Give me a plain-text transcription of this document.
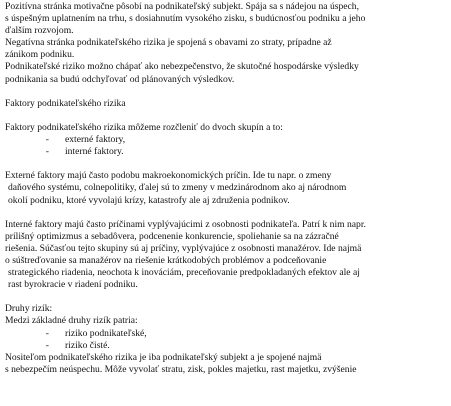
Pozitívna stránka motivačne pôsobí na podnikateľský subjekt. Spája sa s nádejou na úspech,
s úspešným uplatnením na trhu, s dosiahnutím vysokého zisku, s budúcnosťou podniku a jeho
ďalším rozvojom.
Negatívna stránka podnikateľského rizika je spojená s obavami zo straty, prípadne až
zánikom podniku.
Podnikateľské riziko možno chápať ako nebezpečenstvo, že skutočné hospodárske výsledky
podnikania sa budú odchyľovať od plánovaných výsledkov.
Faktory podnikateľského rizika
Faktory podnikateľského rizika môžeme rozčleniť do dvoch skupín a to:
- externé faktory,
- interné faktory.
Externé faktory majú často podobu makroekonomických príčin. Ide tu napr. o zmeny
daňového systému, colnepolitiky, ďalej sú to zmeny v medzinárodnom ako aj národnom
okolí podniku, ktoré vyvolajú krízy, katastrofy ale aj združenia podnikov.
Interné faktory majú často príčinami vyplývajúcimi z osobnosti podnikateľa. Patrí k nim napr.
prílišný optimizmus a sebadôvera, podcenenie konkurencie, spoliehanie sa na zázračné
riešenia. Súčasťou tejto skupiny sú aj príčiny, vyplývajúce z osobnosti manažérov. Ide najmä
o súštreďovanie sa manažérov na riešenie krátkodobých problémov a podceňovanie
strategického riadenia, neochota k inováciám, preceňovanie predpokladaných efektov ale aj
rast byrokracie v riadení podniku.
Druhy rizík:
Medzi základné druhy rizík patria:
- riziko podnikateľské,
- riziko čisté.
Nositeľom podnikateľského rizika je iba podnikateľský subjekt a je spojené najmä
s nebezpečím neúspechu. Môže vyvolať stratu, zisk, pokles majetku, rast majetku, zvýšenie
